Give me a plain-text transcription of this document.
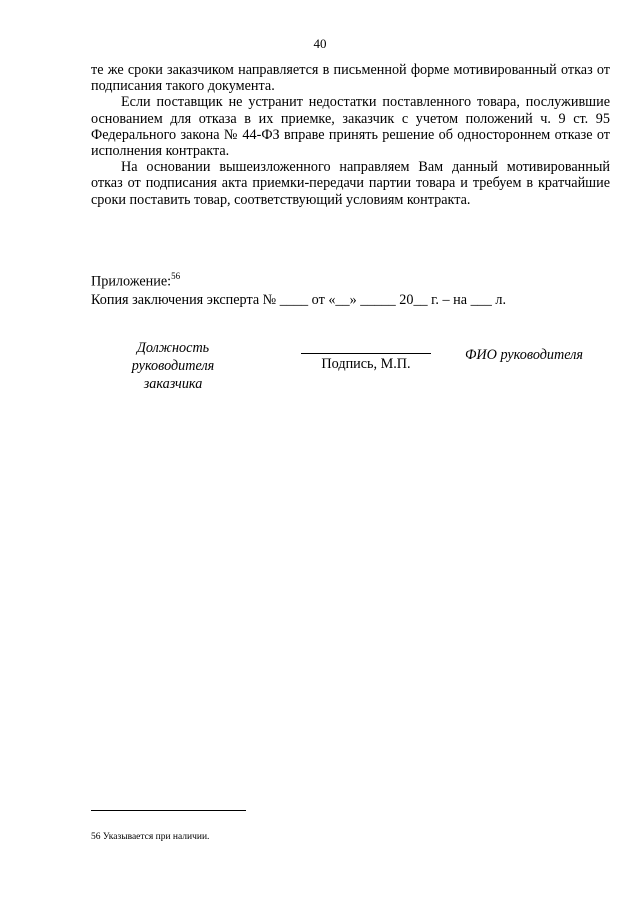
40

те же сроки заказчиком направляется в письменной форме мотивированный отказ от подписания такого документа.

Если поставщик не устранит недостатки поставленного товара, послужившие основанием для отказа в их приемке, заказчик с учетом положений ч. 9 ст. 95 Федерального закона № 44-ФЗ вправе принять решение об одностороннем отказе от исполнения контракта.

На основании вышеизложенного направляем Вам данный мотивированный отказ от подписания акта приемки-передачи партии товара и требуем в кратчайшие сроки поставить товар, соответствующий условиям контракта.

Приложение:$^{56}$
Копия заключения эксперта № ____ от «__» _____ 20__ г. – на ___ л.
Должность руководителя
заказчика
Подпись, М.П.
ФИО руководителя
56 Указывается при наличии.
